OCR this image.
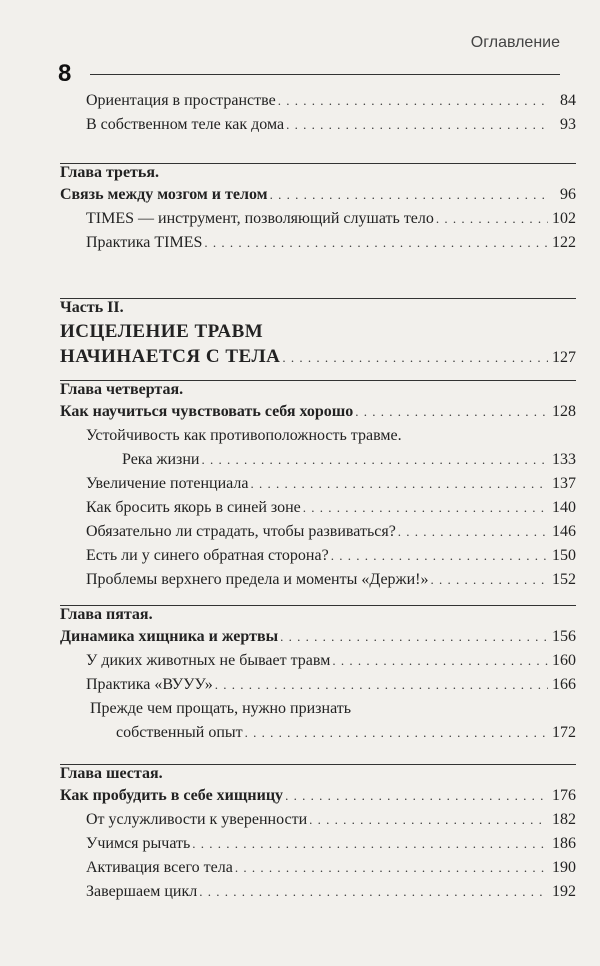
Оглавление
8
Ориентация в пространстве . . .	84
В собственном теле как дома . . .	93
Глава третья.
Связь между мозгом и телом . . .	96
TIMES — инструмент, позволяющий слушать тело . . .	102
Практика TIMES . . .	122
Часть II.
ИСЦЕЛЕНИЕ ТРАВМ
НАЧИНАЕТСЯ С ТЕЛА . . .	127
Глава четвертая.
Как научиться чувствовать себя хорошо . . .	128
Устойчивость как противоположность травме.
Река жизни . . .	133
Увеличение потенциала . . .	137
Как бросить якорь в синей зоне . . .	140
Обязательно ли страдать, чтобы развиваться? . . .	146
Есть ли у синего обратная сторона? . . .	150
Проблемы верхнего предела и моменты «Держи!» . . .	152
Глава пятая.
Динамика хищника и жертвы . . .	156
У диких животных не бывает травм . . .	160
Практика «ВУУУ» . . .	166
Прежде чем прощать, нужно признать
собственный опыт . . .	172
Глава шестая.
Как пробудить в себе хищницу . . .	176
От услужливости к уверенности . . .	182
Учимся рычать . . .	186
Активация всего тела . . .	190
Завершаем цикл . . .	192
